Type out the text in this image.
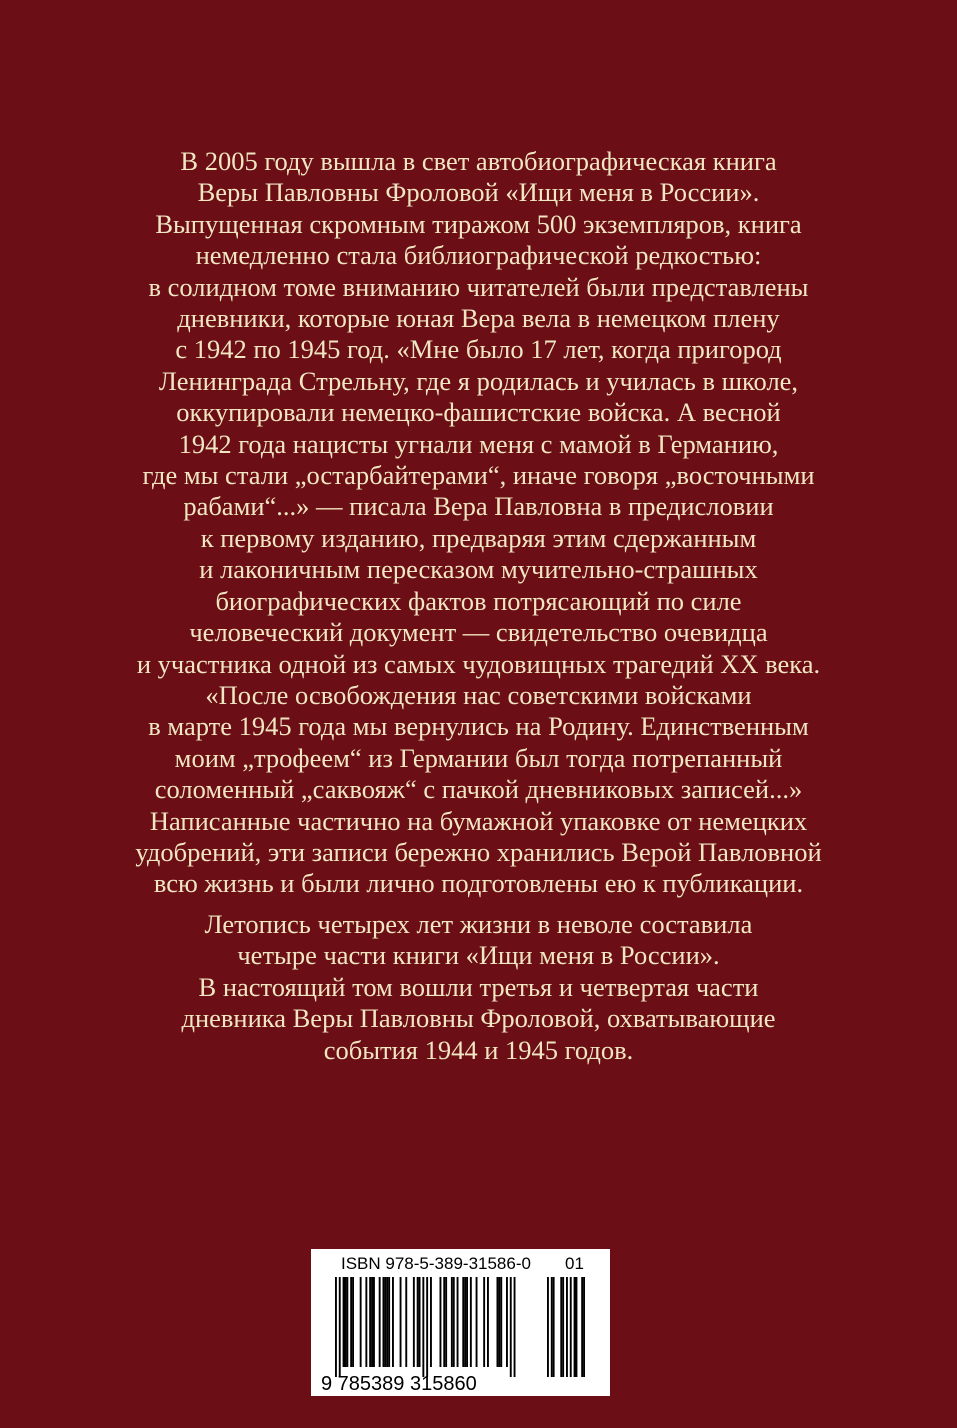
В 2005 году вышла в свет автобиографическая книга
Веры Павловны Фроловой «Ищи меня в России».
Выпущенная скромным тиражом 500 экземпляров, книга
немедленно стала библиографической редкостью:
в солидном томе вниманию читателей были представлены
дневники, которые юная Вера вела в немецком плену
с 1942 по 1945 год. «Мне было 17 лет, когда пригород
Ленинграда Стрельну, где я родилась и училась в школе,
оккупировали немецко-фашистские войска. А весной
1942 года нацисты угнали меня с мамой в Германию,
где мы стали „остарбайтерами“, иначе говоря „восточными
рабами“...» — писала Вера Павловна в предисловии
к первому изданию, предваряя этим сдержанным
и лаконичным пересказом мучительно-страшных
биографических фактов потрясающий по силе
человеческий документ — свидетельство очевидца
и участника одной из самых чудовищных трагедий XX века.
«После освобождения нас советскими войсками
в марте 1945 года мы вернулись на Родину. Единственным
моим „трофеем“ из Германии был тогда потрепанный
соломенный „саквояж“ с пачкой дневниковых записей...»
Написанные частично на бумажной упаковке от немецких
удобрений, эти записи бережно хранились Верой Павловной
всю жизнь и были лично подготовлены ею к публикации.
Летопись четырех лет жизни в неволе составила
четыре части книги «Ищи меня в России».
В настоящий том вошли третья и четвертая части
дневника Веры Павловны Фроловой, охватывающие
события 1944 и 1945 годов.
ISBN 978-5-389-31586-0 01
9 785389 315860
